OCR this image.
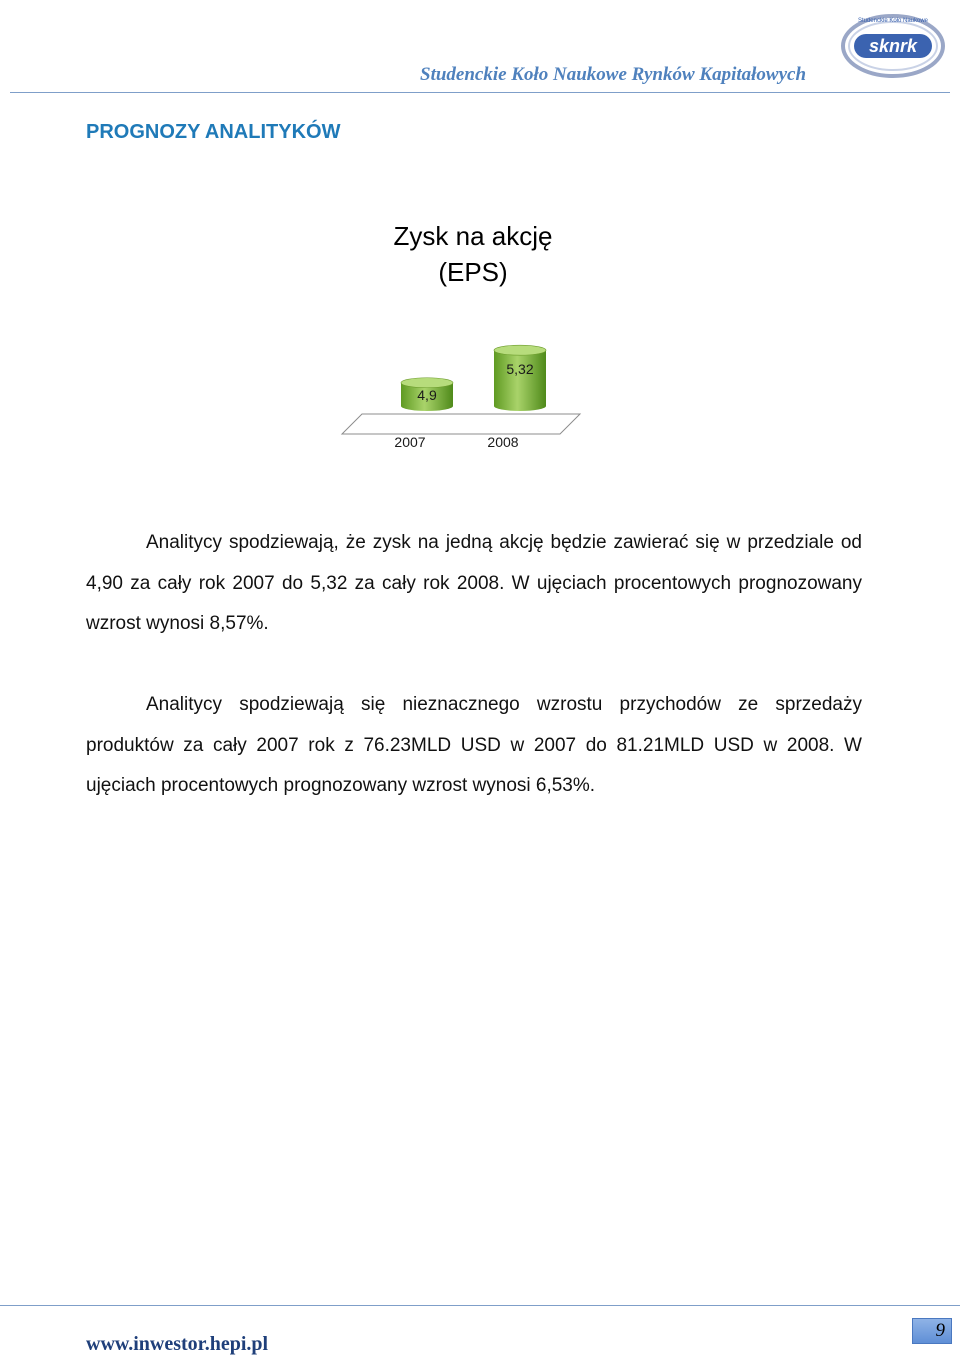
Studenckie Koło Naukowe Rynków Kapitałowych
sknrk
Studenckie Koło Naukowe
PROGNOZY ANALITYKÓW
Zysk na akcję
(EPS)
4,9
2007
5,32
2008
Analitycy spodziewają, że zysk na jedną akcję będzie zawierać się w przedziale od 4,90 za cały rok 2007 do 5,32 za cały rok 2008. W ujęciach procentowych prognozowany wzrost wynosi 8,57%.
Analitycy spodziewają się nieznacznego wzrostu przychodów ze sprzedaży produktów za cały 2007 rok z 76.23MLD USD w 2007 do 81.21MLD USD w 2008. W ujęciach procentowych prognozowany wzrost wynosi 6,53%.
www.inwestor.hepi.pl
9
